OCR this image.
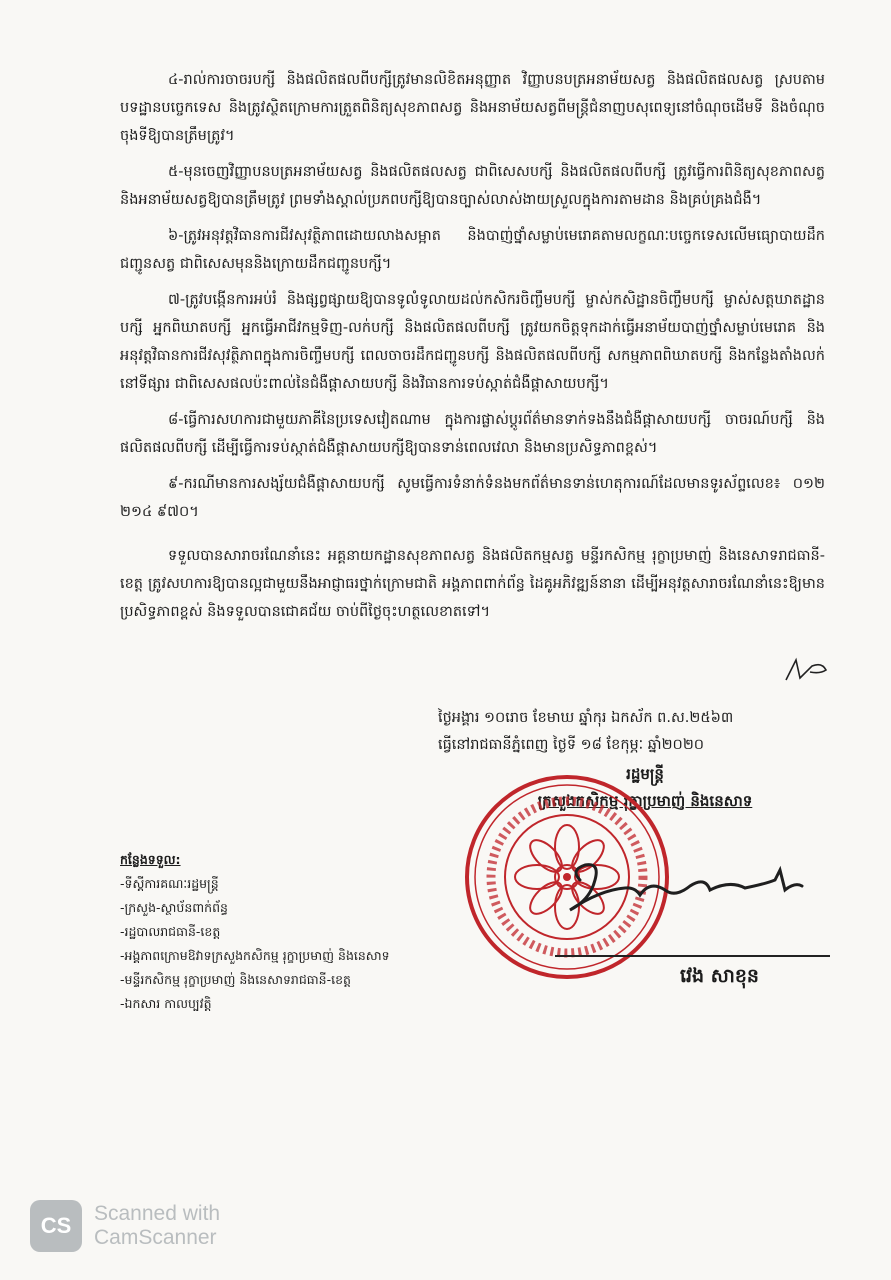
៤-រាល់ការចាចរបក្សី និងផលិតផលពីបក្សីត្រូវមានលិខិតអនុញ្ញាត វិញ្ញាបនបត្រអនាម័យសត្វ និងផលិតផលសត្វ ស្របតាមបទដ្ឋានបច្ចេកទេស និងត្រូវស្ថិតក្រោមការត្រួតពិនិត្យសុខភាពសត្វ និងអនាម័យសត្វពីមន្ត្រីជំនាញបសុពេទ្យនៅចំណុចដើមទី និងចំណុចចុងទីឱ្យបានត្រឹមត្រូវ។

៥-មុនចេញវិញ្ញាបនបត្រអនាម័យសត្វ និងផលិតផលសត្វ ជាពិសេសបក្សី និងផលិតផលពីបក្សី ត្រូវធ្វើការពិនិត្យសុខភាពសត្វ និងអនាម័យសត្វឱ្យបានត្រឹមត្រូវ ព្រមទាំងស្គាល់ប្រភពបក្សីឱ្យបានច្បាស់លាស់ងាយស្រួលក្នុងការតាមដាន និងគ្រប់គ្រងជំងឺ។

៦-ត្រូវអនុវត្តវិធានការជីវសុវត្ថិភាពដោយលាងសម្អាត និងបាញ់ថ្នាំសម្លាប់មេរោគតាមលក្ខណៈបច្ចេកទេសលើមធ្យោបាយដឹកជញ្ជូនសត្វ ជាពិសេសមុននិងក្រោយដឹកជញ្ជូនបក្សី។

៧-ត្រូវបង្កើនការអប់រំ និងផ្សព្វផ្សាយឱ្យបានទូលំទូលាយដល់កសិករចិញ្ចឹមបក្សី ម្ចាស់កសិដ្ឋានចិញ្ចឹមបក្សី ម្ចាស់សត្តឃាតដ្ឋានបក្សី អ្នកពិឃាតបក្សី អ្នកធ្វើអាជីវកម្មទិញ-លក់បក្សី និងផលិតផលពីបក្សី ត្រូវយកចិត្តទុកដាក់ធ្វើអនាម័យបាញ់ថ្នាំសម្លាប់មេរោគ និងអនុវត្តវិធានការជីវសុវត្ថិភាពក្នុងការចិញ្ចឹមបក្សី ពេលចាចរដឹកជញ្ជូនបក្សី និងផលិតផលពីបក្សី សកម្មភាពពិឃាតបក្សី និងកន្លែងតាំងលក់នៅទីផ្សារ ជាពិសេសផលប៉ះពាល់នៃជំងឺផ្តាសាយបក្សី និងវិធានការទប់ស្កាត់ជំងឺផ្តាសាយបក្សី។

៨-ធ្វើការសហការជាមួយភាគីនៃប្រទេសវៀតណាម ក្នុងការផ្លាស់ប្តូរព័ត៌មានទាក់ទងនឹងជំងឺផ្តាសាយបក្សី ចាចរណ៍បក្សី និងផលិតផលពីបក្សី ដើម្បីធ្វើការទប់ស្កាត់ជំងឺផ្តាសាយបក្សីឱ្យបានទាន់ពេលវេលា និងមានប្រសិទ្ធភាពខ្ពស់។

៩-ករណីមានការសង្ស័យជំងឺផ្តាសាយបក្សី សូមធ្វើការទំនាក់ទំនងមកព័ត៌មានទាន់ហេតុការណ៍ដែលមានទូរស័ព្ទលេខ៖ ០១២ ២១៤ ៩៧០។

ទទួលបានសារាចរណែនាំនេះ អគ្គនាយកដ្ឋានសុខភាពសត្វ និងផលិតកម្មសត្វ មន្ទីរកសិកម្ម រុក្ខាប្រមាញ់ និងនេសាទរាជធានី-ខេត្ត ត្រូវសហការឱ្យបានល្អជាមួយនឹងអាជ្ញាធរថ្នាក់ក្រោមជាតិ អង្គភាពពាក់ព័ន្ធ ដៃគូអភិវឌ្ឍន៍នានា ដើម្បីអនុវត្តសារាចរណែនាំនេះឱ្យមានប្រសិទ្ធភាពខ្ពស់ និងទទួលបានជោគជ័យ ចាប់ពីថ្ងៃចុះហត្ថលេខាតទៅ។

ថ្ងៃអង្គារ ១០រោច ខែមាឃ ឆ្នាំកុរ ឯកស័ក ព.ស.២៥៦៣
ធ្វើនៅរាជធានីភ្នំពេញ ថ្ងៃទី ១៨ ខែកុម្ភៈ ឆ្នាំ២០២០
រដ្ឋមន្ត្រី
ក្រសួងកសិកម្ម រុក្ខាប្រមាញ់ និងនេសាទ
វេង សាខុន
កន្លែងទទួល:
-ទីស្តីការគណៈរដ្ឋមន្ត្រី
-ក្រសួង-ស្ថាប័នពាក់ព័ន្ធ
-រដ្ឋបាលរាជធានី-ខេត្ត
-អង្គភាពក្រោមឱវាទក្រសួងកសិកម្ម រុក្ខាប្រមាញ់ និងនេសាទ
-មន្ទីរកសិកម្ម រុក្ខាប្រមាញ់ និងនេសាទរាជធានី-ខេត្ត
-ឯកសារ កាលប្បវត្តិ
CS	Scanned with
CamScanner
